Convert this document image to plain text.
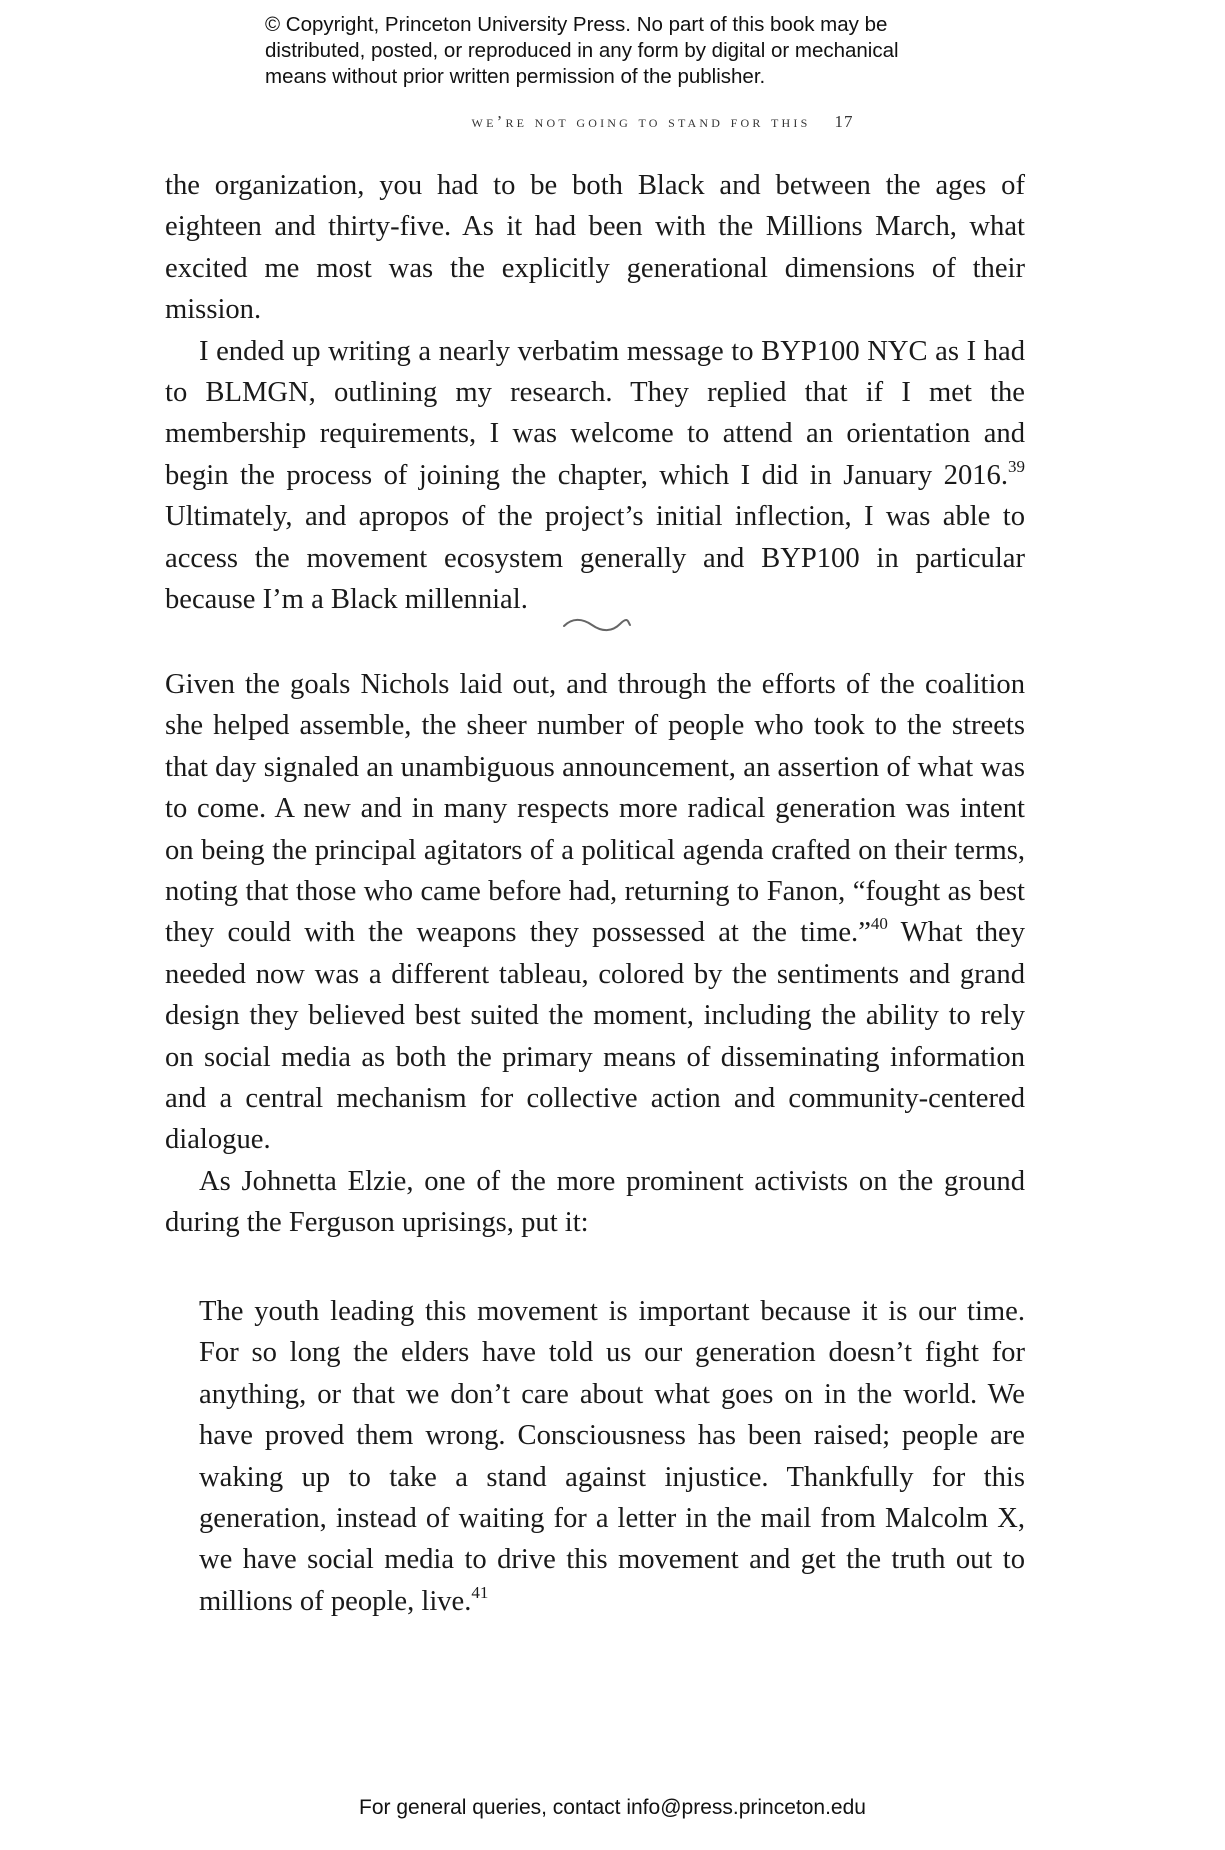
© Copyright, Princeton University Press. No part of this book may be
distributed, posted, or reproduced in any form by digital or mechanical
means without prior written permission of the publisher.
we’re not going to stand for this 17

the organization, you had to be both Black and between the ages of eighteen and thirty-five. As it had been with the Millions March, what excited me most was the explicitly generational dimensions of their mission.

I ended up writing a nearly verbatim message to BYP100 NYC as I had to BLMGN, outlining my research. They replied that if I met the membership requirements, I was welcome to attend an orientation and begin the process of joining the chapter, which I did in January 2016.39 Ultimately, and apropos of the project’s initial inflection, I was able to access the movement ecosystem generally and BYP100 in particular because I’m a Black millennial.

Given the goals Nichols laid out, and through the efforts of the coalition she helped assemble, the sheer number of people who took to the streets that day signaled an unambiguous announcement, an assertion of what was to come. A new and in many respects more radical generation was intent on being the principal agitators of a political agenda crafted on their terms, noting that those who came before had, returning to Fanon, “fought as best they could with the weapons they possessed at the time.”$^{40}$ What they needed now was a different tableau, colored by the sentiments and grand design they believed best suited the moment, including the ability to rely on social media as both the primary means of disseminating information and a central mechanism for collective action and community-centered dialogue.

As Johnetta Elzie, one of the more prominent activists on the ground during the Ferguson uprisings, put it:

The youth leading this movement is important because it is our time. For so long the elders have told us our generation doesn’t fight for anything, or that we don’t care about what goes on in the world. We have proved them wrong. Consciousness has been raised; people are waking up to take a stand against injustice. Thankfully for this generation, instead of waiting for a letter in the mail from Malcolm X, we have social media to drive this movement and get the truth out to millions of people, live.$^{41}$

For general queries, contact info@press.princeton.edu
